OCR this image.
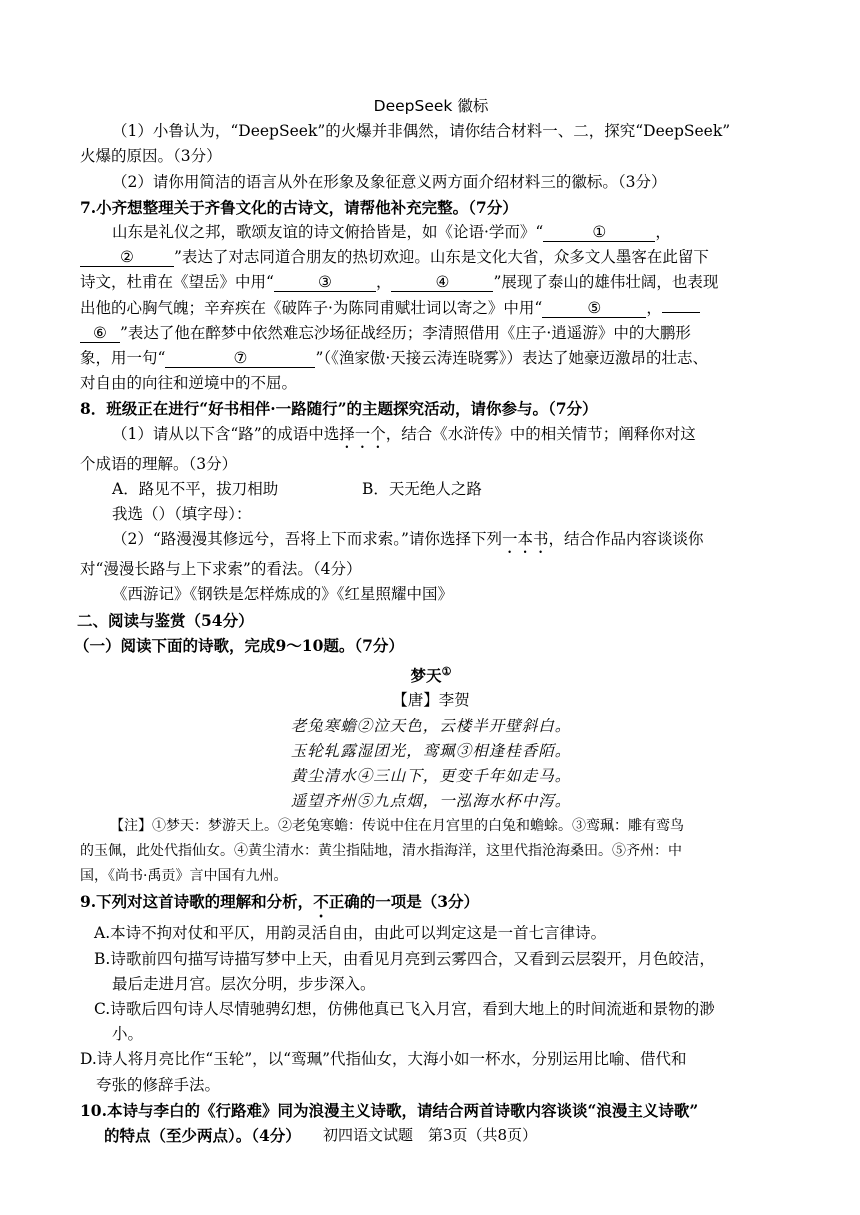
DeepSeek 徽标
（1）小鲁认为，“DeepSeek”的火爆并非偶然，请你结合材料一、二，探究“DeepSeek”
火爆的原因。（3分）
（2）请你用简洁的语言从外在形象及象征意义两方面介绍材料三的徽标。（3分）
7.小齐想整理关于齐鲁文化的古诗文，请帮他补充完整。（7分）
山东是礼仪之邦，歌颂友谊的诗文俯拾皆是，如《论语·学而》“	①	，
②	”表达了对志同道合朋友的热切欢迎。山东是文化大省，众多文人墨客在此留下
诗文，杜甫在《望岳》中用“	③	，	④	”展现了泰山的雄伟壮阔，也表现
出他的心胸气魄；辛弃疾在《破阵子·为陈同甫赋壮词以寄之》中用“	⑤	，
⑥ ”表达了他在醉梦中依然难忘沙场征战经历；李清照借用《庄子·逍遥游》中的大鹏形
象，用一句“	⑦	”（《渔家傲·天接云涛连晓雾》）表达了她豪迈激昂的壮志、
对自由的向往和逆境中的不屈。
8．班级正在进行“好书相伴·一路随行”的主题探究活动，请你参与。（7分）
（1）请从以下含“路”的成语中选择一个，结合《水浒传》中的相关情节；阐释你对这
个成语的理解。（3分）
A．路见不平，拔刀相助	B．天无绝人之路
我选（）（填字母）：
（2）“路漫漫其修远兮，吾将上下而求索。”请你选择下列一本书，结合作品内容谈谈你
对“漫漫长路与上下求索”的看法。（4分）
《西游记》《钢铁是怎样炼成的》《红星照耀中国》
二、阅读与鉴赏（54分）
（一）阅读下面的诗歌，完成9～10题。（7分）
梦天①
【唐】李贺
老兔寒蟾②泣天色，云楼半开壁斜白。
玉轮轧露湿团光，鸾珮③相逢桂香陌。
黄尘清水④三山下，更变千年如走马。
遥望齐州⑤九点烟，一泓海水杯中泻。
【注】①梦天：梦游天上。②老兔寒蟾：传说中住在月宫里的白兔和蟾蜍。③鸾珮：雕有鸾鸟
的玉佩，此处代指仙女。④黄尘清水：黄尘指陆地，清水指海洋，这里代指沧海桑田。⑤齐州：中
国，《尚书·禹贡》言中国有九州。
9.下列对这首诗歌的理解和分析，不正确的一项是（3分）
A.本诗不拘对仗和平仄，用韵灵活自由，由此可以判定这是一首七言律诗。
B.诗歌前四句描写诗描写梦中上天，由看见月亮到云雾四合，又看到云层裂开，月色皎洁，
最后走进月宫。层次分明，步步深入。
C.诗歌后四句诗人尽情驰骋幻想，仿佛他真已飞入月宫，看到大地上的时间流逝和景物的渺
小。
D.诗人将月亮比作“玉轮”，以“鸾珮”代指仙女，大海小如一杯水，分别运用比喻、借代和
夸张的修辞手法。
10.本诗与李白的《行路难》同为浪漫主义诗歌，请结合两首诗歌内容谈谈“浪漫主义诗歌”
的特点（至少两点）。（4分）	初四语文试题　第3页（共8页）
